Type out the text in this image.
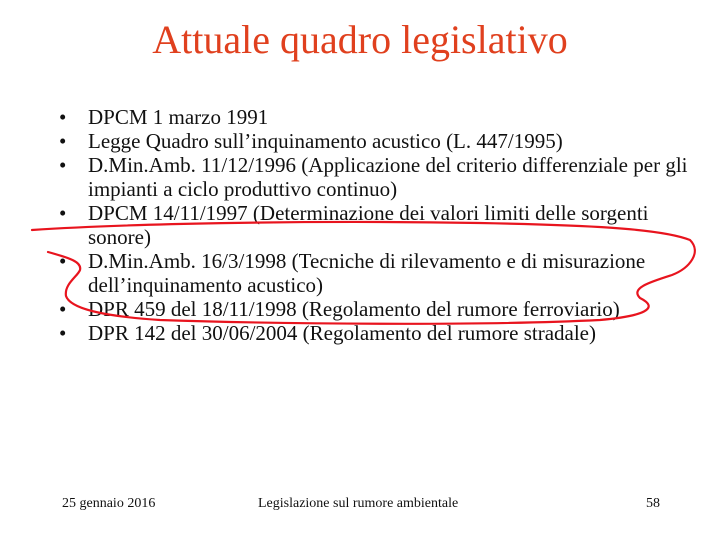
Attuale quadro legislativo
• DPCM 1 marzo 1991
• Legge Quadro sull’inquinamento acustico (L. 447/1995)
• D.Min.Amb. 11/12/1996 (Applicazione del criterio differenziale per gli impianti a ciclo produttivo continuo)
• DPCM 14/11/1997 (Determinazione dei valori limiti delle sorgenti sonore)
• D.Min.Amb. 16/3/1998 (Tecniche di rilevamento e di misurazione dell’inquinamento acustico)
• DPR 459 del 18/11/1998 (Regolamento del rumore ferroviario)
• DPR 142 del 30/06/2004 (Regolamento del rumore stradale)
25 gennaio 2016	Legislazione sul rumore ambientale	58
